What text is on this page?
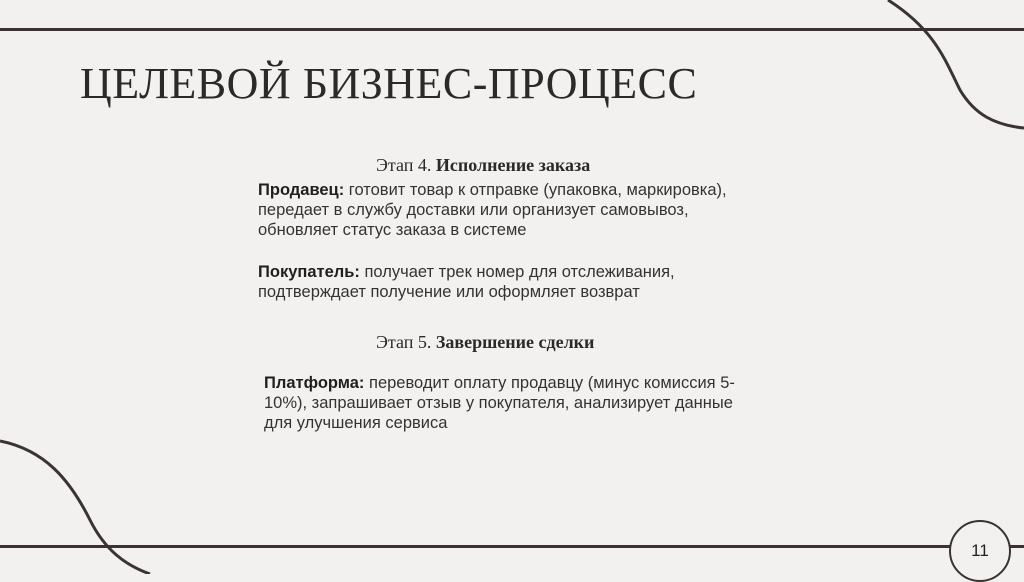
ЦЕЛЕВОЙ БИЗНЕС-ПРОЦЕСС
Этап 4. Исполнение заказа
Продавец: готовит товар к отправке (упаковка, маркировка), передает в службу доставки или организует самовывоз, обновляет статус заказа в системе
Покупатель: получает трек номер для отслеживания, подтверждает получение или оформляет возврат
Этап 5. Завершение сделки
Платформа: переводит оплату продавцу (минус комиссия 5-10%), запрашивает отзыв у покупателя, анализирует данные для улучшения сервиса
11
